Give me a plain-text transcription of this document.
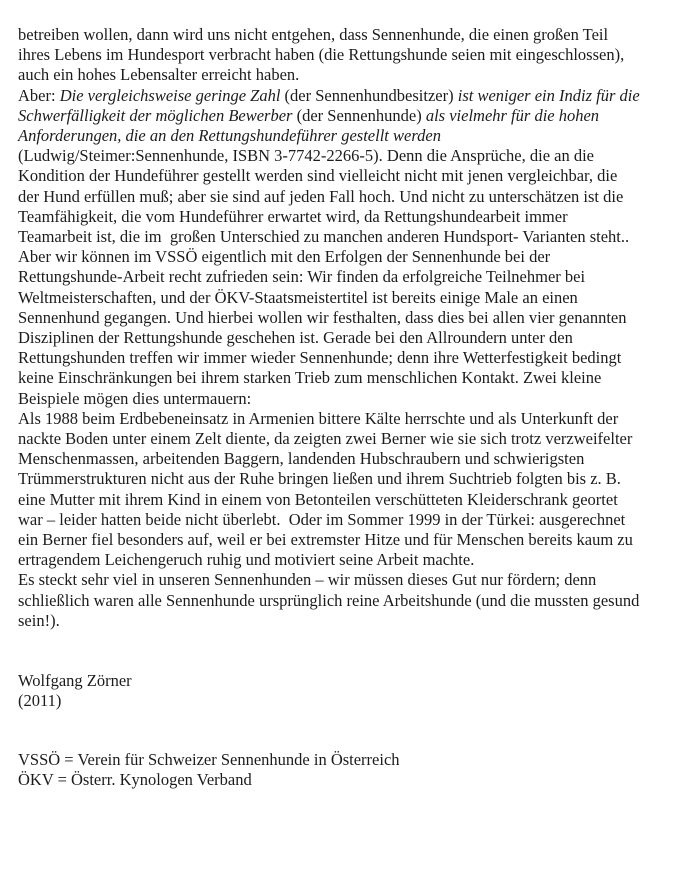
betreiben wollen, dann wird uns nicht entgehen, dass Sennenhunde, die einen großen Teil
ihres Lebens im Hundesport verbracht haben (die Rettungshunde seien mit eingeschlossen),
auch ein hohes Lebensalter erreicht haben.
Aber: Die vergleichsweise geringe Zahl (der Sennenhundbesitzer) ist weniger ein Indiz für die
Schwerfälligkeit der möglichen Bewerber (der Sennenhunde) als vielmehr für die hohen
Anforderungen, die an den Rettungshundeführer gestellt werden
(Ludwig/Steimer:Sennenhunde, ISBN 3-7742-2266-5). Denn die Ansprüche, die an die
Kondition der Hundeführer gestellt werden sind vielleicht nicht mit jenen vergleichbar, die
der Hund erfüllen muß; aber sie sind auf jeden Fall hoch. Und nicht zu unterschätzen ist die
Teamfähigkeit, die vom Hundeführer erwartet wird, da Rettungshundearbeit immer
Teamarbeit ist, die im  großen Unterschied zu manchen anderen Hundsport- Varianten steht..
Aber wir können im VSSÖ eigentlich mit den Erfolgen der Sennenhunde bei der
Rettungshunde-Arbeit recht zufrieden sein: Wir finden da erfolgreiche Teilnehmer bei
Weltmeisterschaften, und der ÖKV-Staatsmeistertitel ist bereits einige Male an einen
Sennenhund gegangen. Und hierbei wollen wir festhalten, dass dies bei allen vier genannten
Disziplinen der Rettungshunde geschehen ist. Gerade bei den Allroundern unter den
Rettungshunden treffen wir immer wieder Sennenhunde; denn ihre Wetterfestigkeit bedingt
keine Einschränkungen bei ihrem starken Trieb zum menschlichen Kontakt. Zwei kleine
Beispiele mögen dies untermauern:
Als 1988 beim Erdbebeneinsatz in Armenien bittere Kälte herrschte und als Unterkunft der
nackte Boden unter einem Zelt diente, da zeigten zwei Berner wie sie sich trotz verzweifelter
Menschenmassen, arbeitenden Baggern, landenden Hubschraubern und schwierigsten
Trümmerstrukturen nicht aus der Ruhe bringen ließen und ihrem Suchtrieb folgten bis z. B.
eine Mutter mit ihrem Kind in einem von Betonteilen verschütteten Kleiderschrank geortet
war – leider hatten beide nicht überlebt.  Oder im Sommer 1999 in der Türkei: ausgerechnet
ein Berner fiel besonders auf, weil er bei extremster Hitze und für Menschen bereits kaum zu
ertragendem Leichengeruch ruhig und motiviert seine Arbeit machte.
Es steckt sehr viel in unseren Sennenhunden – wir müssen dieses Gut nur fördern; denn
schließlich waren alle Sennenhunde ursprünglich reine Arbeitshunde (und die mussten gesund
sein!).
Wolfgang Zörner
(2011)
VSSÖ = Verein für Schweizer Sennenhunde in Österreich
ÖKV = Österr. Kynologen Verband
